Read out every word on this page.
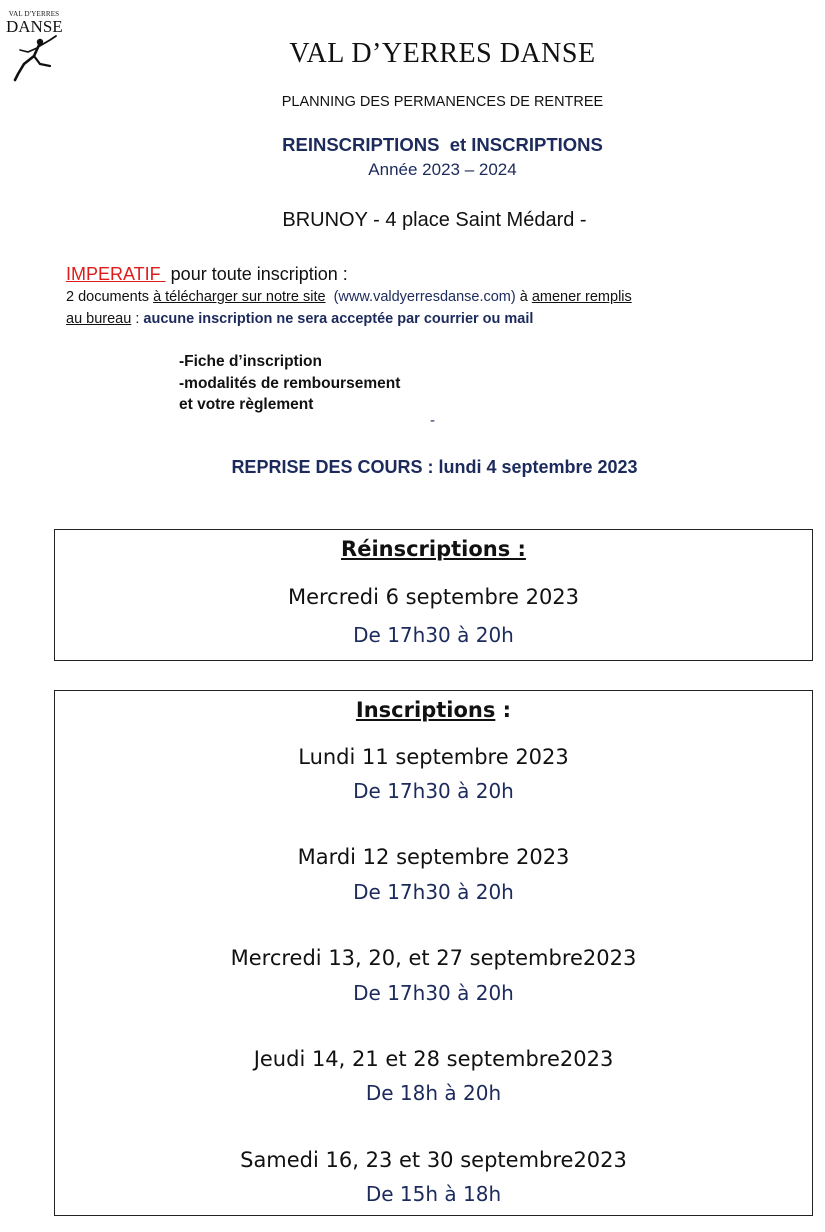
VAL D'YERRES
DANSE
VAL D’YERRES DANSE
PLANNING DES PERMANENCES DE RENTREE
REINSCRIPTIONS  et INSCRIPTIONS
Année 2023 – 2024
BRUNOY - 4 place Saint Médard -
IMPERATIF  pour toute inscription :
2 documents à télécharger sur notre site  (www.valdyerresdanse.com) à amener remplis
au bureau : aucune inscription ne sera acceptée par courrier ou mail
-Fiche d’inscription
-modalités de remboursement
et votre règlement
-
REPRISE DES COURS : lundi 4 septembre 2023
Réinscriptions :
Mercredi 6 septembre 2023
De 17h30 à 20h
Inscriptions :
Lundi 11 septembre 2023
De 17h30 à 20h
Mardi 12 septembre 2023
De 17h30 à 20h
Mercredi 13, 20, et 27 septembre2023
De 17h30 à 20h
Jeudi 14, 21 et 28 septembre2023
De 18h à 20h
Samedi 16, 23 et 30 septembre2023
De 15h à 18h
